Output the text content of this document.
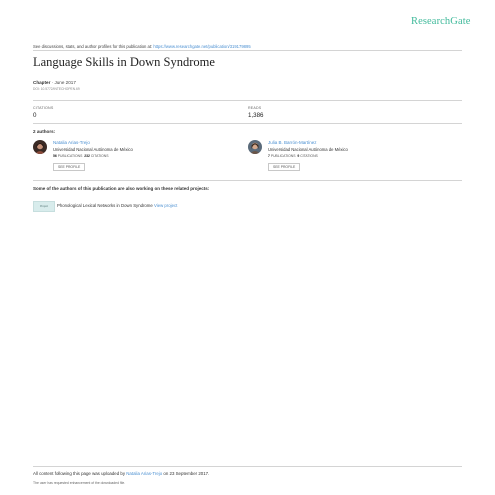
ResearchGate
See discussions, stats, and author profiles for this publication at: https://www.researchgate.net/publication/319179895
Language Skills in Down Syndrome
Chapter · June 2017
DOI: 10.5772/INTECHOPEN.69
CITATIONS
0
READS
1,386
2 authors:
Natalia Arias-Trejo
Universidad Nacional Autónoma de México
56 PUBLICATIONS 232 CITATIONS
SEE PROFILE
Julia B. Barrón-Martínez
Universidad Nacional Autónoma de México
7 PUBLICATIONS 9 CITATIONS
SEE PROFILE
Some of the authors of this publication are also working on these related projects:
Project	Phonological Lexical Networks in Down Syndrome View project
All content following this page was uploaded by Natalia Arias-Trejo on 23 September 2017.
The user has requested enhancement of the downloaded file.
